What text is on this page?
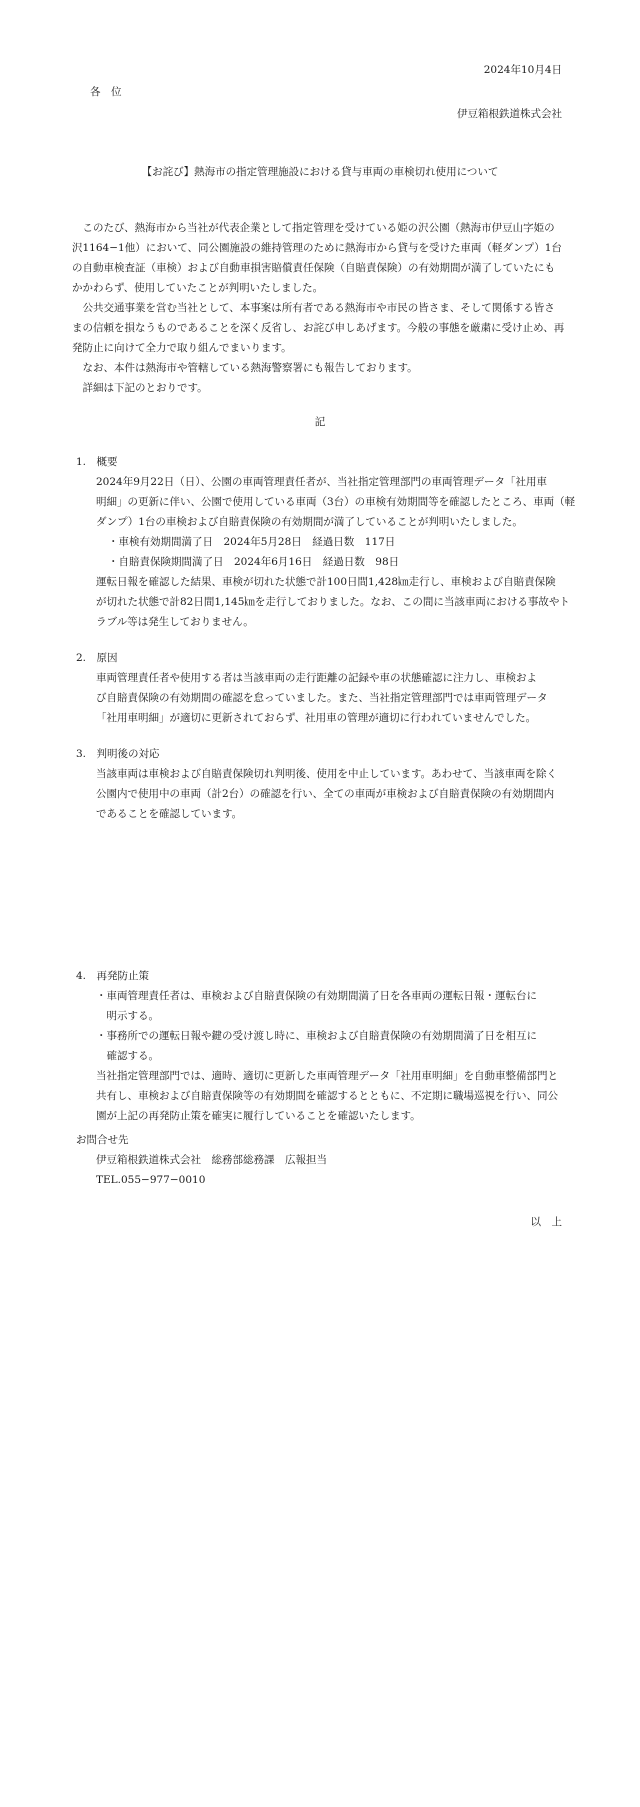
2024年10月4日
各　位
伊豆箱根鉄道株式会社
【お詫び】熱海市の指定管理施設における貸与車両の車検切れ使用について
　このたび、熱海市から当社が代表企業として指定管理を受けている姫の沢公園（熱海市伊豆山字姫の
沢1164−1他）において、同公園施設の維持管理のために熱海市から貸与を受けた車両（軽ダンプ）1台
の自動車検査証（車検）および自動車損害賠償責任保険（自賠責保険）の有効期間が満了していたにも
かかわらず、使用していたことが判明いたしました。
　公共交通事業を営む当社として、本事案は所有者である熱海市や市民の皆さま、そして関係する皆さ
まの信頼を損なうものであることを深く反省し、お詫び申しあげます。今般の事態を厳粛に受け止め、再
発防止に向けて全力で取り組んでまいります。
　なお、本件は熱海市や管轄している熱海警察署にも報告しております。
　詳細は下記のとおりです。
記
1.　概要
2024年9月22日（日）、公園の車両管理責任者が、当社指定管理部門の車両管理データ「社用車
明細」の更新に伴い、公園で使用している車両（3台）の車検有効期間等を確認したところ、車両（軽
ダンプ）1台の車検および自賠責保険の有効期間が満了していることが判明いたしました。
・車検有効期間満了日　2024年5月28日　経過日数　117日
・自賠責保険期間満了日　2024年6月16日　経過日数　98日
運転日報を確認した結果、車検が切れた状態で計100日間1,428㎞走行し、車検および自賠責保険
が切れた状態で計82日間1,145㎞を走行しておりました。なお、この間に当該車両における事故やト
ラブル等は発生しておりません。
2.　原因
車両管理責任者や使用する者は当該車両の走行距離の記録や車の状態確認に注力し、車検およ
び自賠責保険の有効期間の確認を怠っていました。また、当社指定管理部門では車両管理データ
「社用車明細」が適切に更新されておらず、社用車の管理が適切に行われていませんでした。
3.　判明後の対応
当該車両は車検および自賠責保険切れ判明後、使用を中止しています。あわせて、当該車両を除く
公園内で使用中の車両（計2台）の確認を行い、全ての車両が車検および自賠責保険の有効期間内
であることを確認しています。
4.　再発防止策
・車両管理責任者は、車検および自賠責保険の有効期間満了日を各車両の運転日報・運転台に
　明示する。
・事務所での運転日報や鍵の受け渡し時に、車検および自賠責保険の有効期間満了日を相互に
　確認する。
当社指定管理部門では、適時、適切に更新した車両管理データ「社用車明細」を自動車整備部門と
共有し、車検および自賠責保険等の有効期間を確認するとともに、不定期に職場巡視を行い、同公
園が上記の再発防止策を確実に履行していることを確認いたします。
お問合せ先
伊豆箱根鉄道株式会社　総務部総務課　広報担当
TEL.055−977−0010
以　上
